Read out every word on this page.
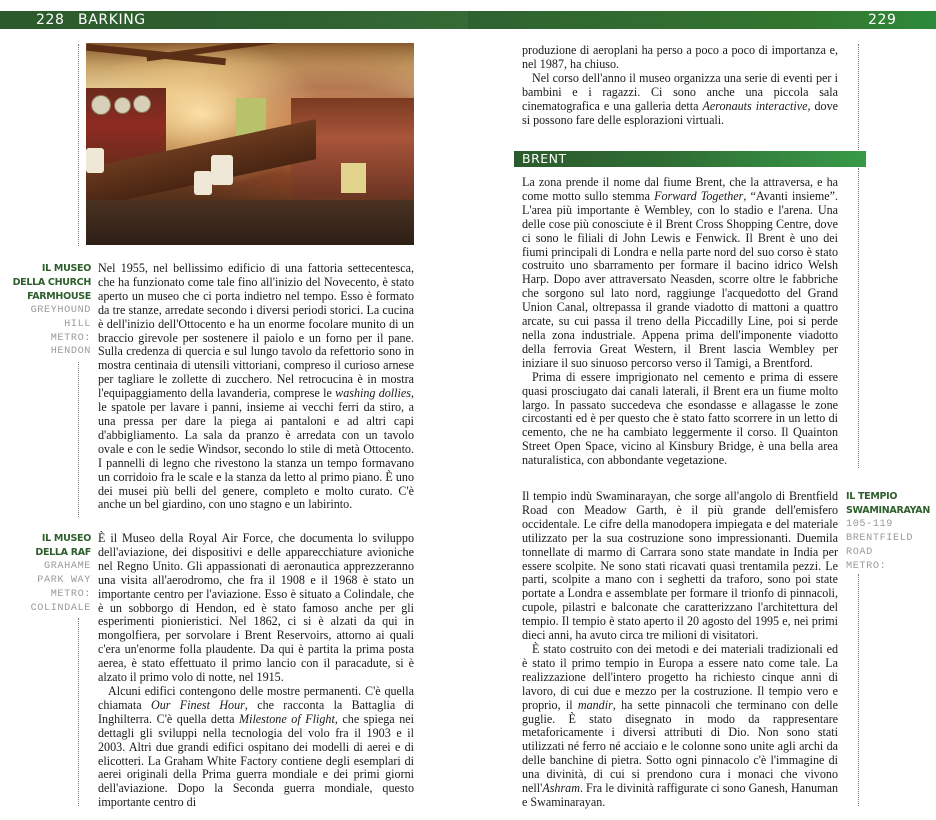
228 BARKING	229
IL MUSEO
DELLA CHURCH
FARMHOUSE
GREYHOUND
HILL
METRO:
HENDON

Nel 1955, nel bellissimo edificio di una fattoria settecentesca, che ha funzionato come tale fino all'inizio del Novecento, è stato aperto un museo che ci porta indietro nel tempo. Esso è formato da tre stanze, arredate secondo i diversi periodi storici. La cucina è dell'inizio dell'Ottocento e ha un enorme focolare munito di un braccio girevole per sostenere il paiolo e un forno per il pane. Sulla credenza di quercia e sul lungo tavolo da refettorio sono in mostra centinaia di utensili vittoriani, compreso il curioso arnese per tagliare le zollette di zucchero. Nel retrocucina è in mostra l'equipaggiamento della lavanderia, comprese le washing dollies, le spatole per lavare i panni, insieme ai vecchi ferri da stiro, a una pressa per dare la piega ai pantaloni e ad altri capi d'abbigliamento. La sala da pranzo è arredata con un tavolo ovale e con le sedie Windsor, secondo lo stile di metà Ottocento. I pannelli di legno che rivestono la stanza un tempo formavano un corridoio fra le scale e la stanza da letto al primo piano. È uno dei musei più belli del genere, completo e molto curato. C'è anche un bel giardino, con uno stagno e un labirinto.

IL MUSEO
DELLA RAF
GRAHAME
PARK WAY
METRO:
COLINDALE

È il Museo della Royal Air Force, che documenta lo sviluppo dell'aviazione, dei dispositivi e delle apparecchiature avioniche nel Regno Unito. Gli appassionati di aeronautica apprezzeranno una visita all'aerodromo, che fra il 1908 e il 1968 è stato un importante centro per l'aviazione. Esso è situato a Colindale, che è un sobborgo di Hendon, ed è stato famoso anche per gli esperimenti pionieristici. Nel 1862, ci si è alzati da qui in mongolfiera, per sorvolare i Brent Reservoirs, attorno ai quali c'era un'enorme folla plaudente. Da qui è partita la prima posta aerea, è stato effettuato il primo lancio con il paracadute, si è alzato il primo volo di notte, nel 1915.

Alcuni edifici contengono delle mostre permanenti. C'è quella chiamata Our Finest Hour, che racconta la Battaglia di Inghilterra. C'è quella detta Milestone of Flight, che spiega nei dettagli gli sviluppi nella tecnologia del volo fra il 1903 e il 2003. Altri due grandi edifici ospitano dei modelli di aerei e di elicotteri. La Graham White Factory contiene degli esemplari di aerei originali della Prima guerra mondiale e dei primi giorni dell'aviazione. Dopo la Seconda guerra mondiale, questo importante centro di

produzione di aeroplani ha perso a poco a poco di importanza e, nel 1987, ha chiuso.

Nel corso dell'anno il museo organizza una serie di eventi per i bambini e i ragazzi. Ci sono anche una piccola sala cinematografica e una galleria detta Aeronauts interactive, dove si possono fare delle esplorazioni virtuali.

BRENT

La zona prende il nome dal fiume Brent, che la attraversa, e ha come motto sullo stemma Forward Together, “Avanti insieme”. L'area più importante è Wembley, con lo stadio e l'arena. Una delle cose più conosciute è il Brent Cross Shopping Centre, dove ci sono le filiali di John Lewis e Fenwick. Il Brent è uno dei fiumi principali di Londra e nella parte nord del suo corso è stato costruito uno sbarramento per formare il bacino idrico Welsh Harp. Dopo aver attraversato Neasden, scorre oltre le fabbriche che sorgono sul lato nord, raggiunge l'acquedotto del Grand Union Canal, oltrepassa il grande viadotto di mattoni a quattro arcate, su cui passa il treno della Piccadilly Line, poi si perde nella zona industriale. Appena prima dell'imponente viadotto della ferrovia Great Western, il Brent lascia Wembley per iniziare il suo sinuoso percorso verso il Tamigi, a Brentford.

Prima di essere imprigionato nel cemento e prima di essere quasi prosciugato dai canali laterali, il Brent era un fiume molto largo. In passato succedeva che esondasse e allagasse le zone circostanti ed è per questo che è stato fatto scorrere in un letto di cemento, che ne ha cambiato leggermente il corso. Il Quainton Street Open Space, vicino al Kinsbury Bridge, è una bella area naturalistica, con abbondante vegetazione.

IL TEMPIO
SWAMINARAYAN
105-119
BRENTFIELD
ROAD
METRO:

Il tempio indù Swaminarayan, che sorge all'angolo di Brentfield Road con Meadow Garth, è il più grande dell'emisfero occidentale. Le cifre della manodopera impiegata e del materiale utilizzato per la sua costruzione sono impressionanti. Duemila tonnellate di marmo di Carrara sono state mandate in India per essere scolpite. Ne sono stati ricavati quasi trentamila pezzi. Le parti, scolpite a mano con i seghetti da traforo, sono poi state portate a Londra e assemblate per formare il trionfo di pinnacoli, cupole, pilastri e balconate che caratterizzano l'architettura del tempio. Il tempio è stato aperto il 20 agosto del 1995 e, nei primi dieci anni, ha avuto circa tre milioni di visitatori.

È stato costruito con dei metodi e dei materiali tradizionali ed è stato il primo tempio in Europa a essere nato come tale. La realizzazione dell'intero progetto ha richiesto cinque anni di lavoro, di cui due e mezzo per la costruzione. Il tempio vero e proprio, il mandir, ha sette pinnacoli che terminano con delle guglie. È stato disegnato in modo da rappresentare metaforicamente i diversi attributi di Dio. Non sono stati utilizzati né ferro né acciaio e le colonne sono unite agli archi da delle banchine di pietra. Sotto ogni pinnacolo c'è l'immagine di una divinità, di cui si prendono cura i monaci che vivono nell'Ashram. Fra le divinità raffigurate ci sono Ganesh, Hanuman e Swaminarayan.
